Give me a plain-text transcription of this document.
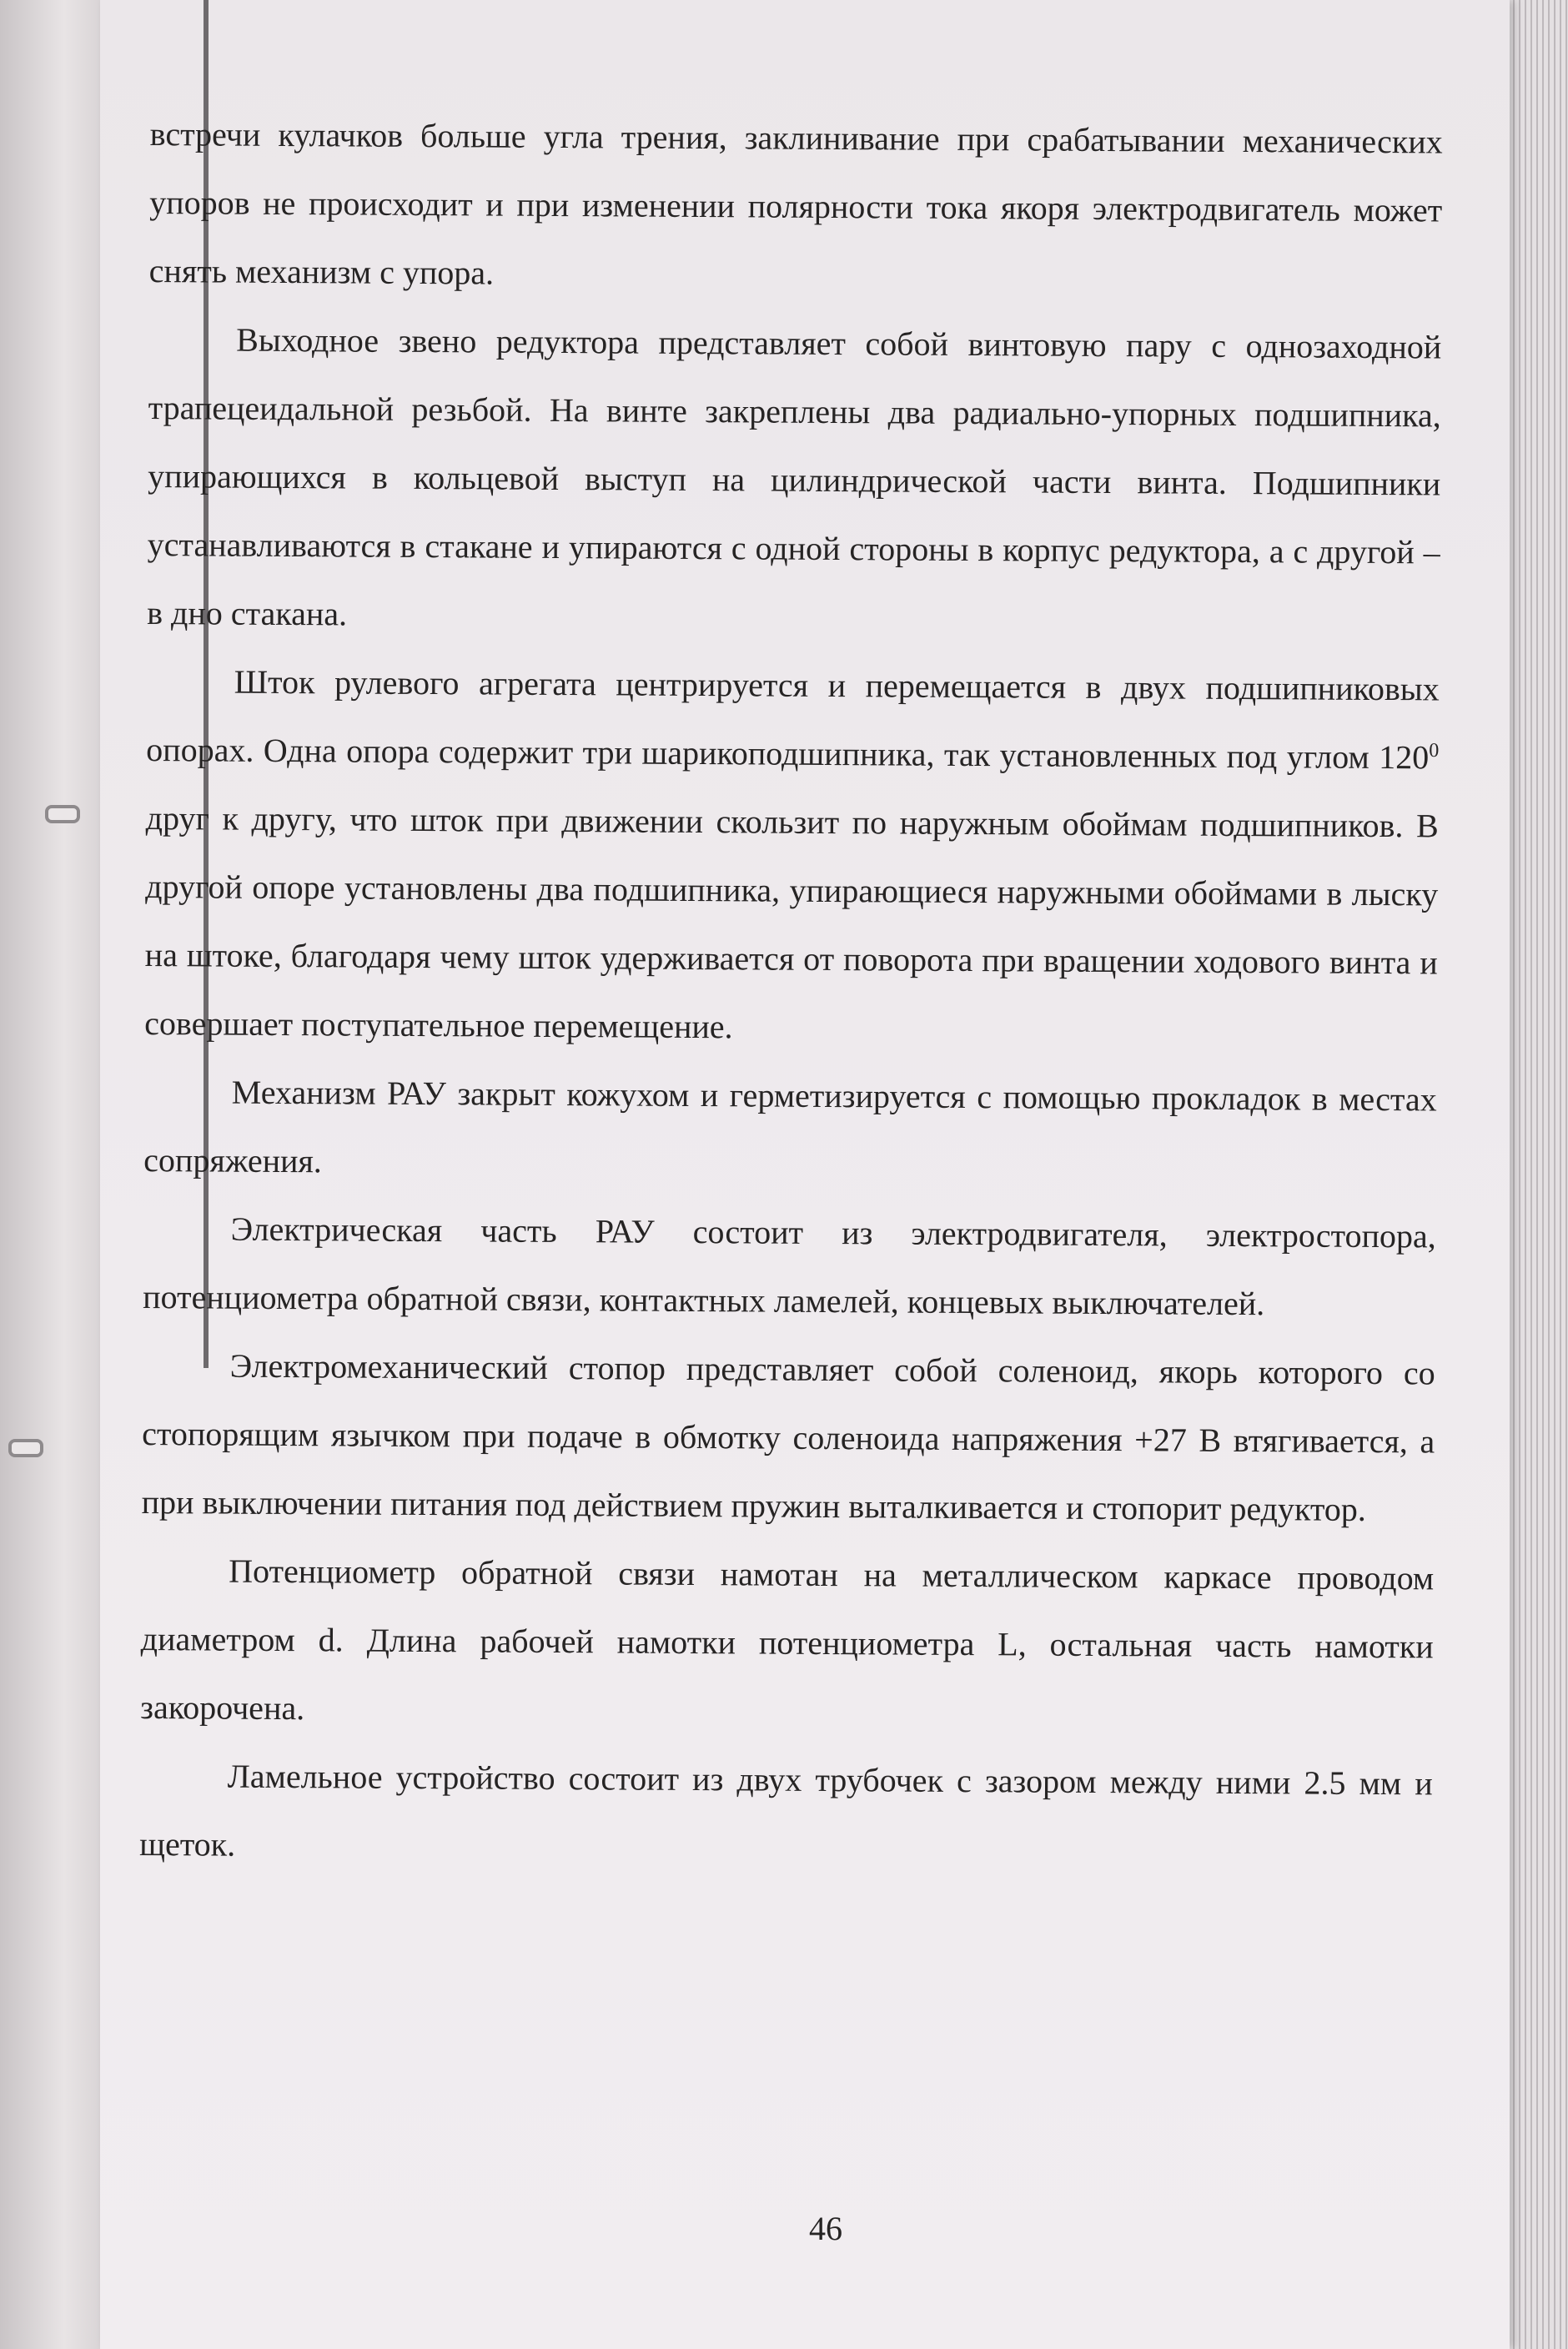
встречи кулачков больше угла трения, заклинивание при срабатывании механических упоров не происходит и при изменении полярности тока якоря электродвигатель может снять механизм с упора.

Выходное звено редуктора представляет собой винтовую пару с однозаходной трапецеидальной резьбой. На винте закреплены два радиально-упорных подшипника, упирающихся в кольцевой выступ на цилиндрической части винта. Подшипники устанавливаются в стакане и упираются с одной стороны в корпус редуктора, а с другой – в дно стакана.

Шток рулевого агрегата центрируется и перемещается в двух подшипниковых опорах. Одна опора содержит три шарикоподшипника, так установленных под углом $120^0$ друг к другу, что шток при движении скользит по наружным обоймам подшипников. В другой опоре установлены два подшипника, упирающиеся наружными обоймами в лыску на штоке, благодаря чему шток удерживается от поворота при вращении ходового винта и совершает поступательное перемещение.

Механизм РАУ закрыт кожухом и герметизируется с помощью прокладок в местах сопряжения.

Электрическая часть РАУ состоит из электродвигателя, электростопора, потенциометра обратной связи, контактных ламелей, концевых выключателей.

Электромеханический стопор представляет собой соленоид, якорь которого со стопорящим язычком при подаче в обмотку соленоида напряжения +27 В втягивается, а при выключении питания под действием пружин выталкивается и стопорит редуктор.

Потенциометр обратной связи намотан на металлическом каркасе проводом диаметром d. Длина рабочей намотки потенциометра L, остальная часть намотки закорочена.

Ламельное устройство состоит из двух трубочек с зазором между ними 2.5 мм и щеток.

46
